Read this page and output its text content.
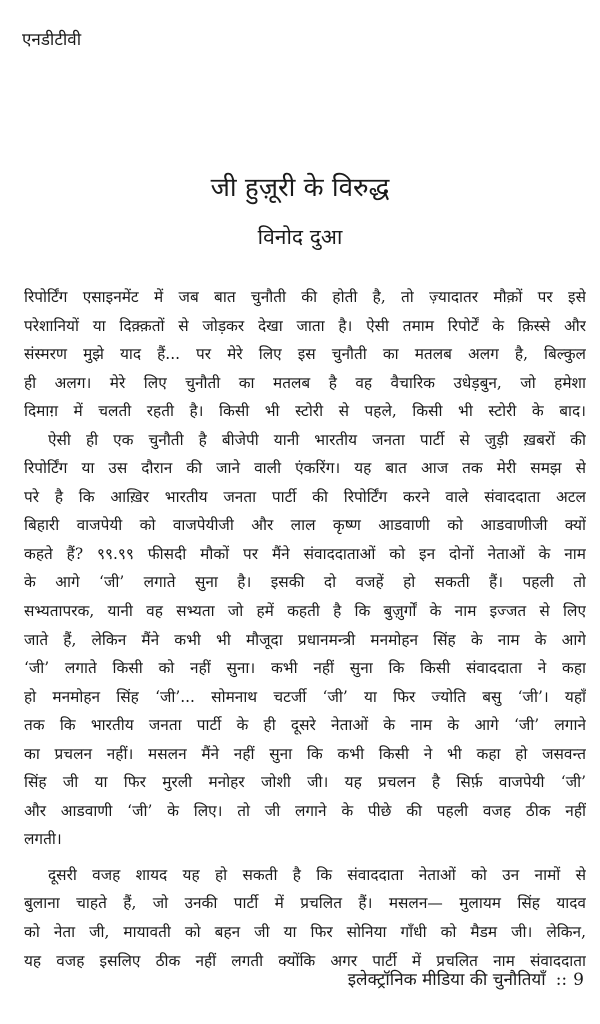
एनडीटीवी
जी हुज़ूरी के विरुद्ध
विनोद दुआ
रिपोर्टिंग एसाइनमेंट में जब बात चुनौती की होती है, तो ज़्यादातर मौक़ों पर इसे
परेशानियों या दिक़्क़तों से जोड़कर देखा जाता है। ऐसी तमाम रिपोर्टें के क़िस्से और
संस्मरण मुझे याद हैं... पर मेरे लिए इस चुनौती का मतलब अलग है, बिल्कुल
ही अलग। मेरे लिए चुनौती का मतलब है वह वैचारिक उधेड़बुन, जो हमेशा
दिमाग़ में चलती रहती है। किसी भी स्टोरी से पहले, किसी भी स्टोरी के बाद।
ऐसी ही एक चुनौती है बीजेपी यानी भारतीय जनता पार्टी से जुड़ी ख़बरों की
रिपोर्टिंग या उस दौरान की जाने वाली एंकरिंग। यह बात आज तक मेरी समझ से
परे है कि आख़िर भारतीय जनता पार्टी की रिपोर्टिंग करने वाले संवाददाता अटल
बिहारी वाजपेयी को वाजपेयीजी और लाल कृष्ण आडवाणी को आडवाणीजी क्यों
कहते हैं? ९९.९९ फीसदी मौकों पर मैंने संवाददाताओं को इन दोनों नेताओं के नाम
के आगे ‘जी’ लगाते सुना है। इसकी दो वजहें हो सकती हैं। पहली तो
सभ्यतापरक, यानी वह सभ्यता जो हमें कहती है कि बुज़ुर्गों के नाम इज्जत से लिए
जाते हैं, लेकिन मैंने कभी भी मौजूदा प्रधानमन्त्री मनमोहन सिंह के नाम के आगे
‘जी’ लगाते किसी को नहीं सुना। कभी नहीं सुना कि किसी संवाददाता ने कहा
हो मनमोहन सिंह ‘जी’... सोमनाथ चटर्जी ‘जी’ या फिर ज्योति बसु ‘जी’। यहाँ
तक कि भारतीय जनता पार्टी के ही दूसरे नेताओं के नाम के आगे ‘जी’ लगाने
का प्रचलन नहीं। मसलन मैंने नहीं सुना कि कभी किसी ने भी कहा हो जसवन्त
सिंह जी या फिर मुरली मनोहर जोशी जी। यह प्रचलन है सिर्फ़ वाजपेयी ‘जी’
और आडवाणी ‘जी’ के लिए। तो जी लगाने के पीछे की पहली वजह ठीक नहीं
लगती।
दूसरी वजह शायद यह हो सकती है कि संवाददाता नेताओं को उन नामों से
बुलाना चाहते हैं, जो उनकी पार्टी में प्रचलित हैं। मसलन— मुलायम सिंह यादव
को नेता जी, मायावती को बहन जी या फिर सोनिया गाँधी को मैडम जी। लेकिन,
यह वजह इसलिए ठीक नहीं लगती क्योंकि अगर पार्टी में प्रचलित नाम संवाददाता
इलेक्ट्रॉनिक मीडिया की चुनौतियाँ :: 9
